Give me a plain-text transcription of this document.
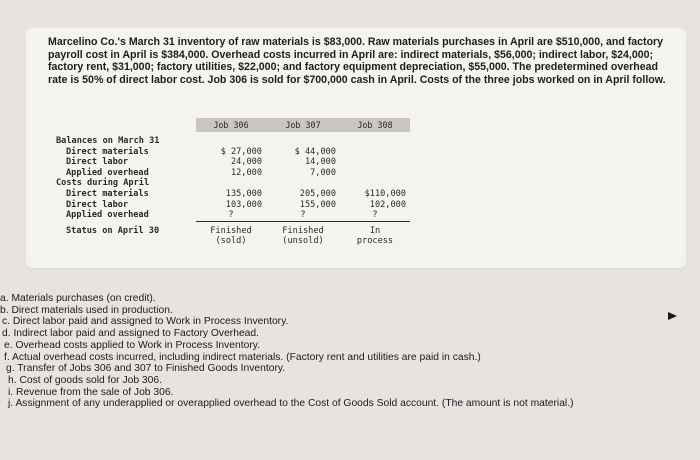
Marcelino Co.'s March 31 inventory of raw materials is $83,000. Raw materials purchases in April are $510,000, and factory payroll cost in April is $384,000. Overhead costs incurred in April are: indirect materials, $56,000; indirect labor, $24,000; factory rent, $31,000; factory utilities, $22,000; and factory equipment depreciation, $55,000. The predetermined overhead rate is 50% of direct labor cost. Job 306 is sold for $700,000 cash in April. Costs of the three jobs worked on in April follow.
	Job 306	Job 307	Job 308

Balances on March 31			
Direct materials	$ 27,000	$ 44,000	
Direct labor	24,000	14,000	
Applied overhead	12,000	7,000	
Costs during April			
Direct materials	135,000	205,000	$110,000
Direct labor	103,000	155,000	102,000
Applied overhead	?	?	?

Status on April 30	Finished	Finished	In
	(sold)	(unsold)	process
a. Materials purchases (on credit).
b. Direct materials used in production.
c. Direct labor paid and assigned to Work in Process Inventory.
d. Indirect labor paid and assigned to Factory Overhead.
e. Overhead costs applied to Work in Process Inventory.
f. Actual overhead costs incurred, including indirect materials. (Factory rent and utilities are paid in cash.)
g. Transfer of Jobs 306 and 307 to Finished Goods Inventory.
h. Cost of goods sold for Job 306.
i. Revenue from the sale of Job 306.
j. Assignment of any underapplied or overapplied overhead to the Cost of Goods Sold account. (The amount is not material.)
